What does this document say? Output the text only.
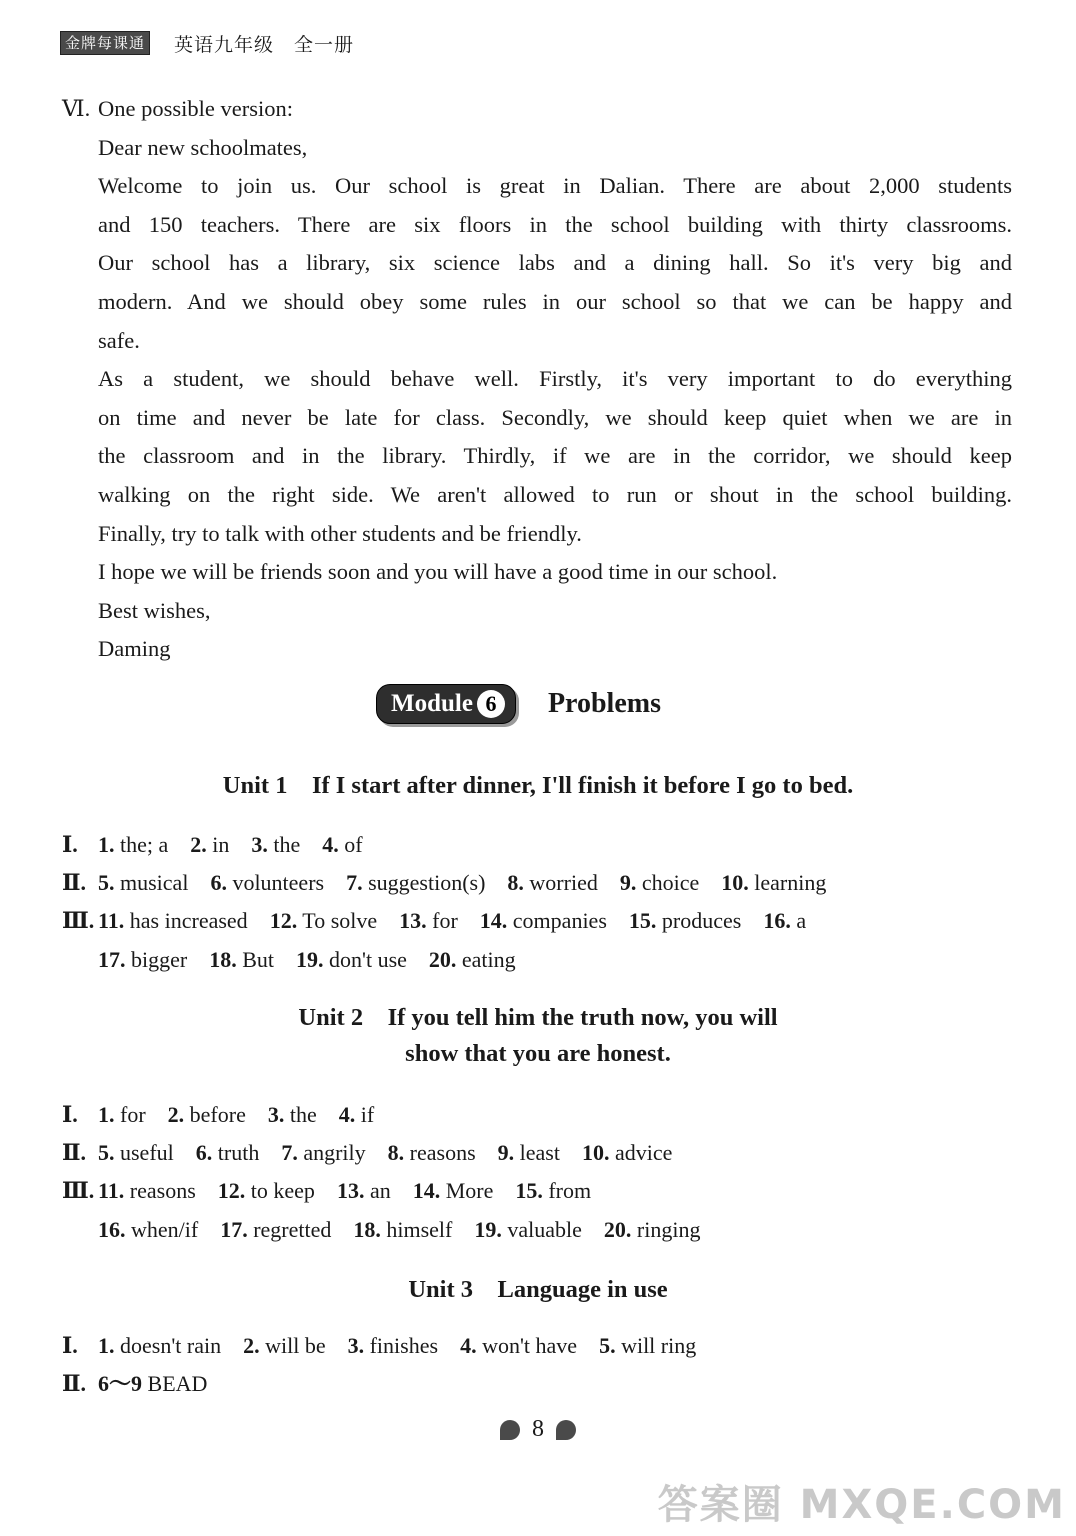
金牌每课通 英语九年级　全一册
Ⅵ. One possible version:
Dear new schoolmates,
Welcome to join us. Our school is great in Dalian. There are about 2,000 students
and 150 teachers. There are six floors in the school building with thirty classrooms.
Our school has a library, six science labs and a dining hall. So it's very big and
modern. And we should obey some rules in our school so that we can be happy and
safe.
As a student, we should behave well. Firstly, it's very important to do everything
on time and never be late for class. Secondly, we should keep quiet when we are in
the classroom and in the library. Thirdly, if we are in the corridor, we should keep
walking on the right side. We aren't allowed to run or shout in the school building.
Finally, try to talk with other students and be friendly.
I hope we will be friends soon and you will have a good time in our school.
Best wishes,
Daming
Module 6	Problems
Unit 1　If I start after dinner, I'll finish it before I go to bed.
Ⅰ. 1. the; a 2. in 3. the 4. of
Ⅱ. 5. musical 6. volunteers 7. suggestion(s) 8. worried 9. choice 10. learning
Ⅲ. 11. has increased 12. To solve 13. for 14. companies 15. produces 16. a
17. bigger 18. But 19. don't use 20. eating
Unit 2　If you tell him the truth now, you will
show that you are honest.
Ⅰ. 1. for 2. before 3. the 4. if
Ⅱ. 5. useful 6. truth 7. angrily 8. reasons 9. least 10. advice
Ⅲ. 11. reasons 12. to keep 13. an 14. More 15. from
16. when/if 17. regretted 18. himself 19. valuable 20. ringing
Unit 3　Language in use
Ⅰ. 1. doesn't rain 2. will be 3. finishes 4. won't have 5. will ring
Ⅱ. 6～9 BEAD
8
答案圈 MXQE.COM
